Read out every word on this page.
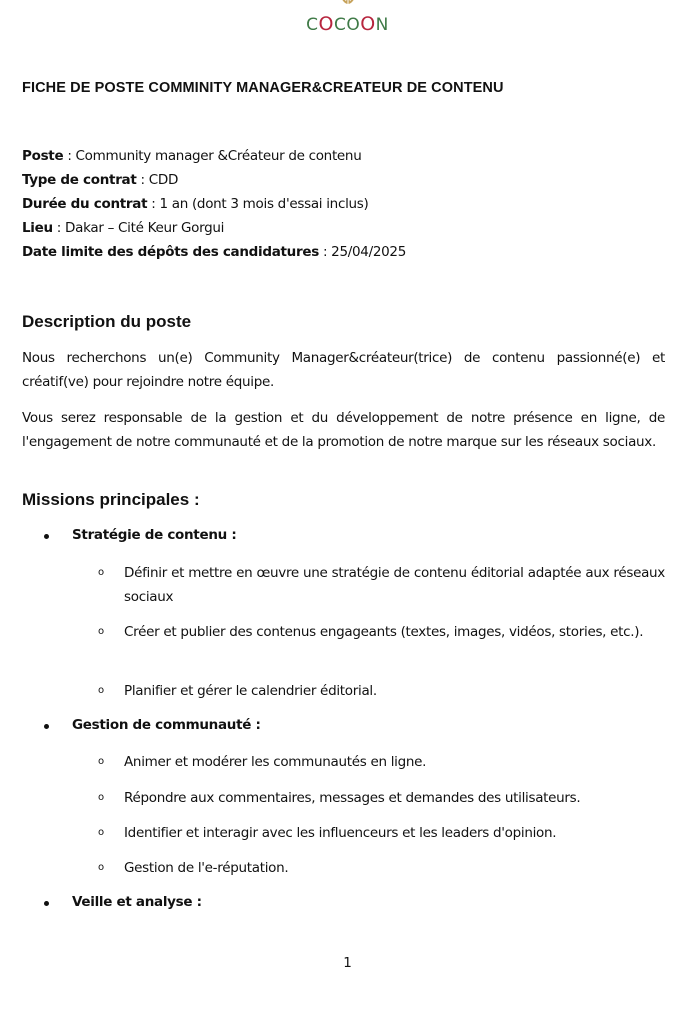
COCOON
FICHE DE POSTE COMMINITY MANAGER&CREATEUR DE CONTENU
Poste : Community manager &Créateur de contenu
Type de contrat : CDD
Durée du contrat : 1 an (dont 3 mois d'essai inclus)
Lieu : Dakar – Cité Keur Gorgui
Date limite des dépôts des candidatures : 25/04/2025
Description du poste
Nous recherchons un(e) Community Manager&créateur(trice) de contenu passionné(e) et créatif(ve) pour rejoindre notre équipe.
Vous serez responsable de la gestion et du développement de notre présence en ligne, de l'engagement de notre communauté et de la promotion de notre marque sur les réseaux sociaux.
Missions principales :
Stratégie de contenu :
o Définir et mettre en œuvre une stratégie de contenu éditorial adaptée aux réseaux sociaux
o Créer et publier des contenus engageants (textes, images, vidéos, stories, etc.).
o Planifier et gérer le calendrier éditorial.
Gestion de communauté :
o Animer et modérer les communautés en ligne.
o Répondre aux commentaires, messages et demandes des utilisateurs.
o Identifier et interagir avec les influenceurs et les leaders d'opinion.
o Gestion de l'e-réputation.
Veille et analyse :
1
